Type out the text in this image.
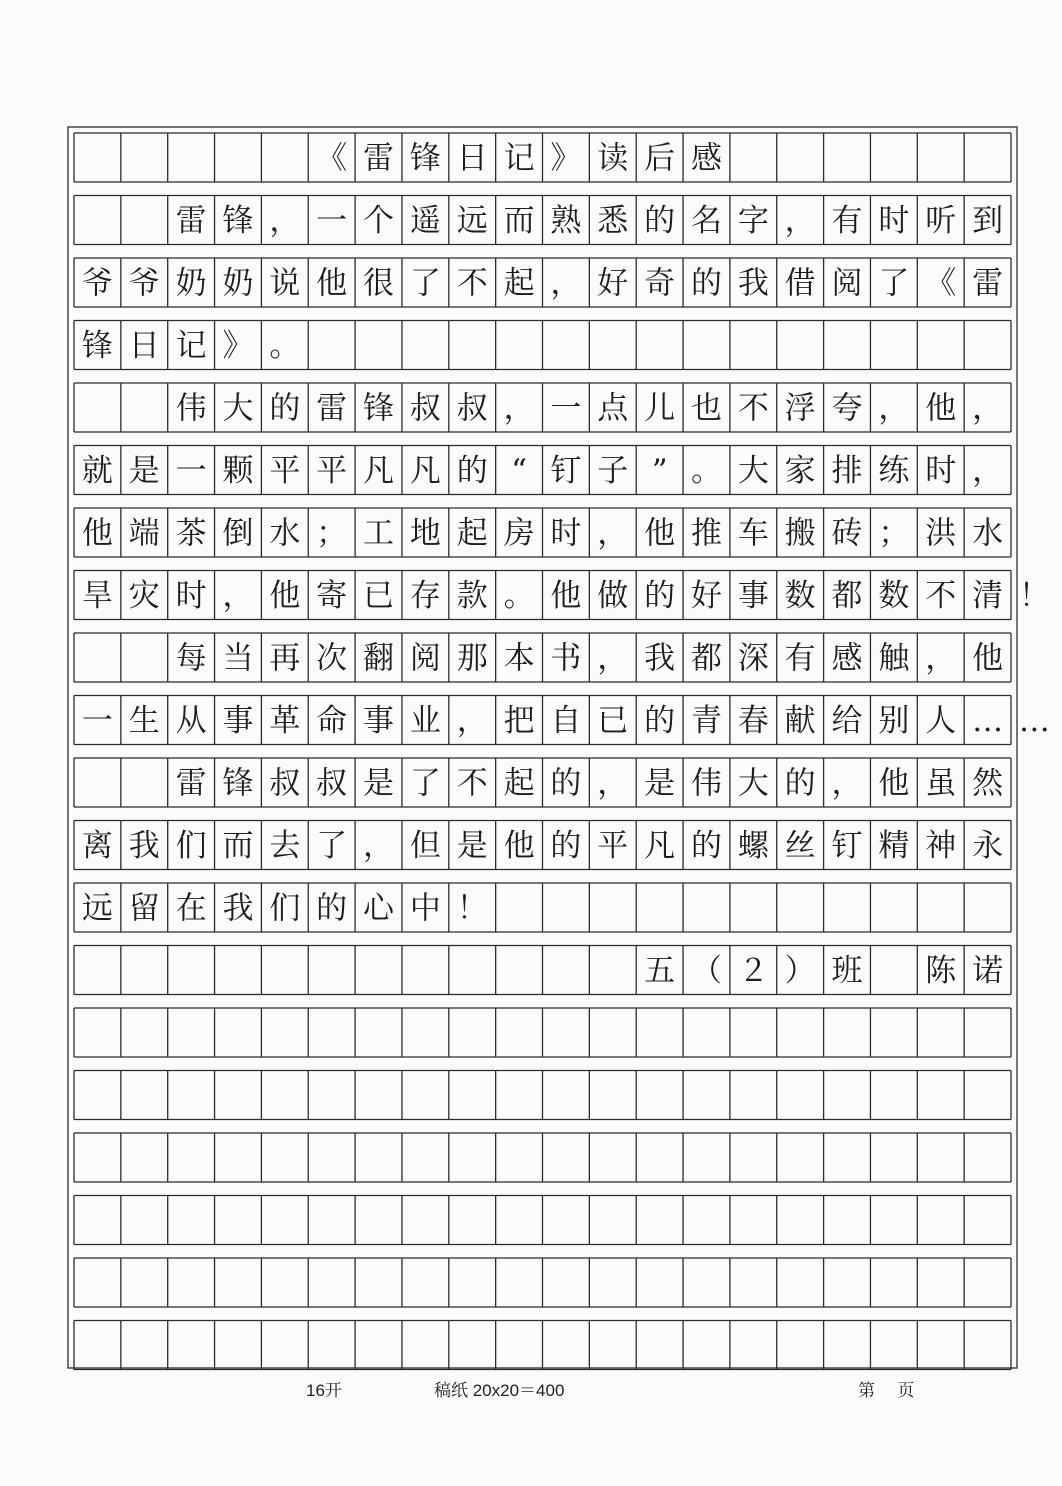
《 雷 锋 日 记 》 读 后 感
雷 锋 ， 一 个 遥 远 而 熟 悉 的 名 字 ， 有 时 听 到
爷 爷 奶 奶 说 他 很 了 不 起 ， 好 奇 的 我 借 阅 了 《 雷
锋 日 记 》 。
伟 大 的 雷 锋 叔 叔 ， 一 点 儿 也 不 浮 夸 ， 他 ，
就 是 一 颗 平 平 凡 凡 的 “ 钉 子 ” 。 大 家 排 练 时 ，
他 端 茶 倒 水 ； 工 地 起 房 时 ， 他 推 车 搬 砖 ； 洪 水
旱 灾 时 ， 他 寄 已 存 款 。 他 做 的 好 事 数 都 数 不 清 ！
每 当 再 次 翻 阅 那 本 书 ， 我 都 深 有 感 触 ， 他
一 生 从 事 革 命 事 业 ， 把 自 已 的 青 春 献 给 别 人 … …
雷 锋 叔 叔 是 了 不 起 的 ， 是 伟 大 的 ， 他 虽 然
离 我 们 而 去 了 ， 但 是 他 的 平 凡 的 螺 丝 钉 精 神 永
远 留 在 我 们 的 心 中 ！
五 （ ２ ） 班 陈 诺
16开	稿纸 20x20＝400	第　 页
